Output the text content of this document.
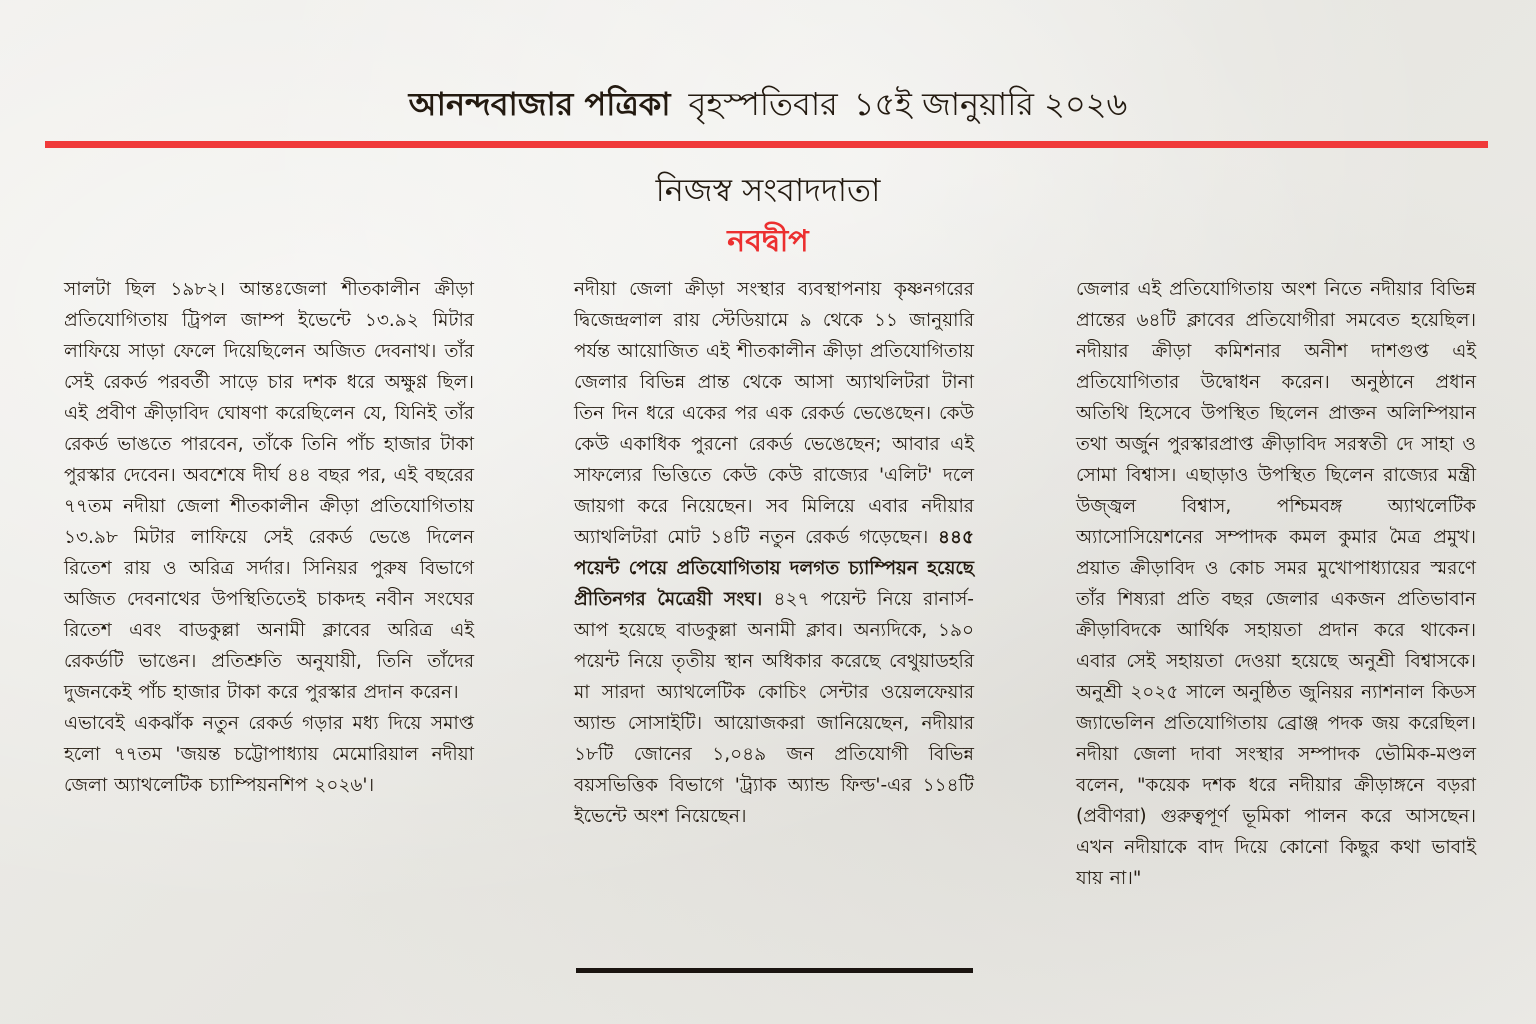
আনন্দবাজার পত্রিকা বৃহস্পতিবার ১৫ই জানুয়ারি ২০২৬
নিজস্ব সংবাদদাতা
নবদ্বীপ

সালটা ছিল ১৯৮২। আন্তঃজেলা শীতকালীন ক্রীড়া প্রতিযোগিতায় ট্রিপল জাম্প ইভেন্টে ১৩.৯২ মিটার লাফিয়ে সাড়া ফেলে দিয়েছিলেন অজিত দেবনাথ। তাঁর সেই রেকর্ড পরবর্তী সাড়ে চার দশক ধরে অক্ষুণ্ণ ছিল। এই প্রবীণ ক্রীড়াবিদ ঘোষণা করেছিলেন যে, যিনিই তাঁর রেকর্ড ভাঙতে পারবেন, তাঁকে তিনি পাঁচ হাজার টাকা পুরস্কার দেবেন। অবশেষে দীর্ঘ ৪৪ বছর পর, এই বছরের ৭৭তম নদীয়া জেলা শীতকালীন ক্রীড়া প্রতিযোগিতায় ১৩.৯৮ মিটার লাফিয়ে সেই রেকর্ড ভেঙে দিলেন রিতেশ রায় ও অরিত্র সর্দার। সিনিয়র পুরুষ বিভাগে অজিত দেবনাথের উপস্থিতিতেই চাকদহ নবীন সংঘের রিতেশ এবং বাডকুল্লা অনামী ক্লাবের অরিত্র এই রেকর্ডটি ভাঙেন। প্রতিশ্রুতি অনুযায়ী, তিনি তাঁদের দুজনকেই পাঁচ হাজার টাকা করে পুরস্কার প্রদান করেন।

এভাবেই একঝাঁক নতুন রেকর্ড গড়ার মধ্য দিয়ে সমাপ্ত হলো ৭৭তম 'জয়ন্ত চট্টোপাধ্যায় মেমোরিয়াল নদীয়া জেলা অ্যাথলেটিক চ্যাম্পিয়নশিপ ২০২৬'।

নদীয়া জেলা ক্রীড়া সংস্থার ব্যবস্থাপনায় কৃষ্ণনগরের দ্বিজেন্দ্রলাল রায় স্টেডিয়ামে ৯ থেকে ১১ জানুয়ারি পর্যন্ত আয়োজিত এই শীতকালীন ক্রীড়া প্রতিযোগিতায় জেলার বিভিন্ন প্রান্ত থেকে আসা অ্যাথলিটরা টানা তিন দিন ধরে একের পর এক রেকর্ড ভেঙেছেন। কেউ কেউ একাধিক পুরনো রেকর্ড ভেঙেছেন; আবার এই সাফল্যের ভিত্তিতে কেউ কেউ রাজ্যের 'এলিট' দলে জায়গা করে নিয়েছেন। সব মিলিয়ে এবার নদীয়ার অ্যাথলিটরা মোট ১৪টি নতুন রেকর্ড গড়েছেন। ৪৪৫ পয়েন্ট পেয়ে প্রতিযোগিতায় দলগত চ্যাম্পিয়ন হয়েছে প্রীতিনগর মৈত্রেয়ী সংঘ। ৪২৭ পয়েন্ট নিয়ে রানার্স-আপ হয়েছে বাডকুল্লা অনামী ক্লাব। অন্যদিকে, ১৯০ পয়েন্ট নিয়ে তৃতীয় স্থান অধিকার করেছে বেথুয়াডহরি মা সারদা অ্যাথলেটিক কোচিং সেন্টার ওয়েলফেয়ার অ্যান্ড সোসাইটি। আয়োজকরা জানিয়েছেন, নদীয়ার ১৮টি জোনের ১,০৪৯ জন প্রতিযোগী বিভিন্ন বয়সভিত্তিক বিভাগে 'ট্র্যাক অ্যান্ড ফিল্ড'-এর ১১৪টি ইভেন্টে অংশ নিয়েছেন।

জেলার এই প্রতিযোগিতায় অংশ নিতে নদীয়ার বিভিন্ন প্রান্তের ৬৪টি ক্লাবের প্রতিযোগীরা সমবেত হয়েছিল। নদীয়ার ক্রীড়া কমিশনার অনীশ দাশগুপ্ত এই প্রতিযোগিতার উদ্বোধন করেন। অনুষ্ঠানে প্রধান অতিথি হিসেবে উপস্থিত ছিলেন প্রাক্তন অলিম্পিয়ান তথা অর্জুন পুরস্কারপ্রাপ্ত ক্রীড়াবিদ সরস্বতী দে সাহা ও সোমা বিশ্বাস। এছাড়াও উপস্থিত ছিলেন রাজ্যের মন্ত্রী উজ্জ্বল বিশ্বাস, পশ্চিমবঙ্গ অ্যাথলেটিক অ্যাসোসিয়েশনের সম্পাদক কমল কুমার মৈত্র প্রমুখ। প্রয়াত ক্রীড়াবিদ ও কোচ সমর মুখোপাধ্যায়ের স্মরণে তাঁর শিষ্যরা প্রতি বছর জেলার একজন প্রতিভাবান ক্রীড়াবিদকে আর্থিক সহায়তা প্রদান করে থাকেন। এবার সেই সহায়তা দেওয়া হয়েছে অনুশ্রী বিশ্বাসকে। অনুশ্রী ২০২৫ সালে অনুষ্ঠিত জুনিয়র ন্যাশনাল কিডস জ্যাভেলিন প্রতিযোগিতায় ব্রোঞ্জ পদক জয় করেছিল। নদীয়া জেলা দাবা সংস্থার সম্পাদক ভৌমিক-মণ্ডল বলেন, "কয়েক দশক ধরে নদীয়ার ক্রীড়াঙ্গনে বড়রা (প্রবীণরা) গুরুত্বপূর্ণ ভূমিকা পালন করে আসছেন। এখন নদীয়াকে বাদ দিয়ে কোনো কিছুর কথা ভাবাই যায় না।"
